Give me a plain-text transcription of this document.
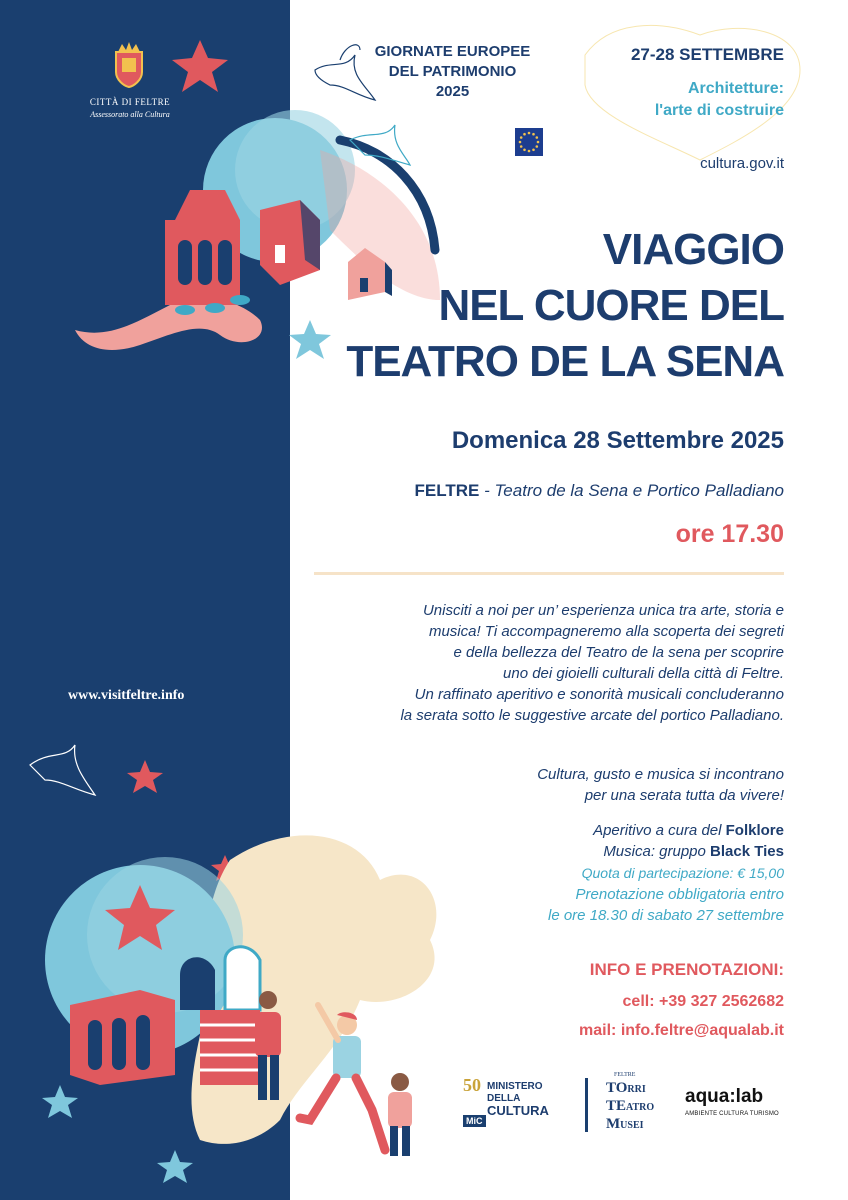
CITTÀ DI FELTRE
Assessorato alla Cultura
GIORNATE EUROPEE
DEL PATRIMONIO
2025
27-28 SETTEMBRE
Architetture:
l'arte di costruire
cultura.gov.it
VIAGGIO
NEL CUORE DEL
TEATRO DE LA SENA
Domenica 28 Settembre 2025
FELTRE - Teatro de la Sena e Portico Palladiano
ore 17.30
Unisciti a noi per un’ esperienza unica tra arte, storia e
musica! Ti accompagneremo alla scoperta dei segreti
e della bellezza del Teatro de la sena per scoprire
uno dei gioielli culturali della città di Feltre.
Un raffinato aperitivo e sonorità musicali concluderanno
la serata sotto le suggestive arcate del portico Palladiano.
Cultura, gusto e musica si incontrano
per una serata tutta da vivere!
Aperitivo a cura del Folklore
Musica: gruppo Black Ties
Quota di partecipazione: € 15,00
Prenotazione obbligatoria entro
le ore 18.30 di sabato 27 settembre
INFO E PRENOTAZIONI:
cell: +39 327 2562682
mail: info.feltre@aqualab.it
www.visitfeltre.info
50 MINISTERO
DELLA
CULTURA
MiC
FELTRE
TORRI
TEATRO
MUSEI
aqua:lab
AMBIENTE CULTURA TURISMO
